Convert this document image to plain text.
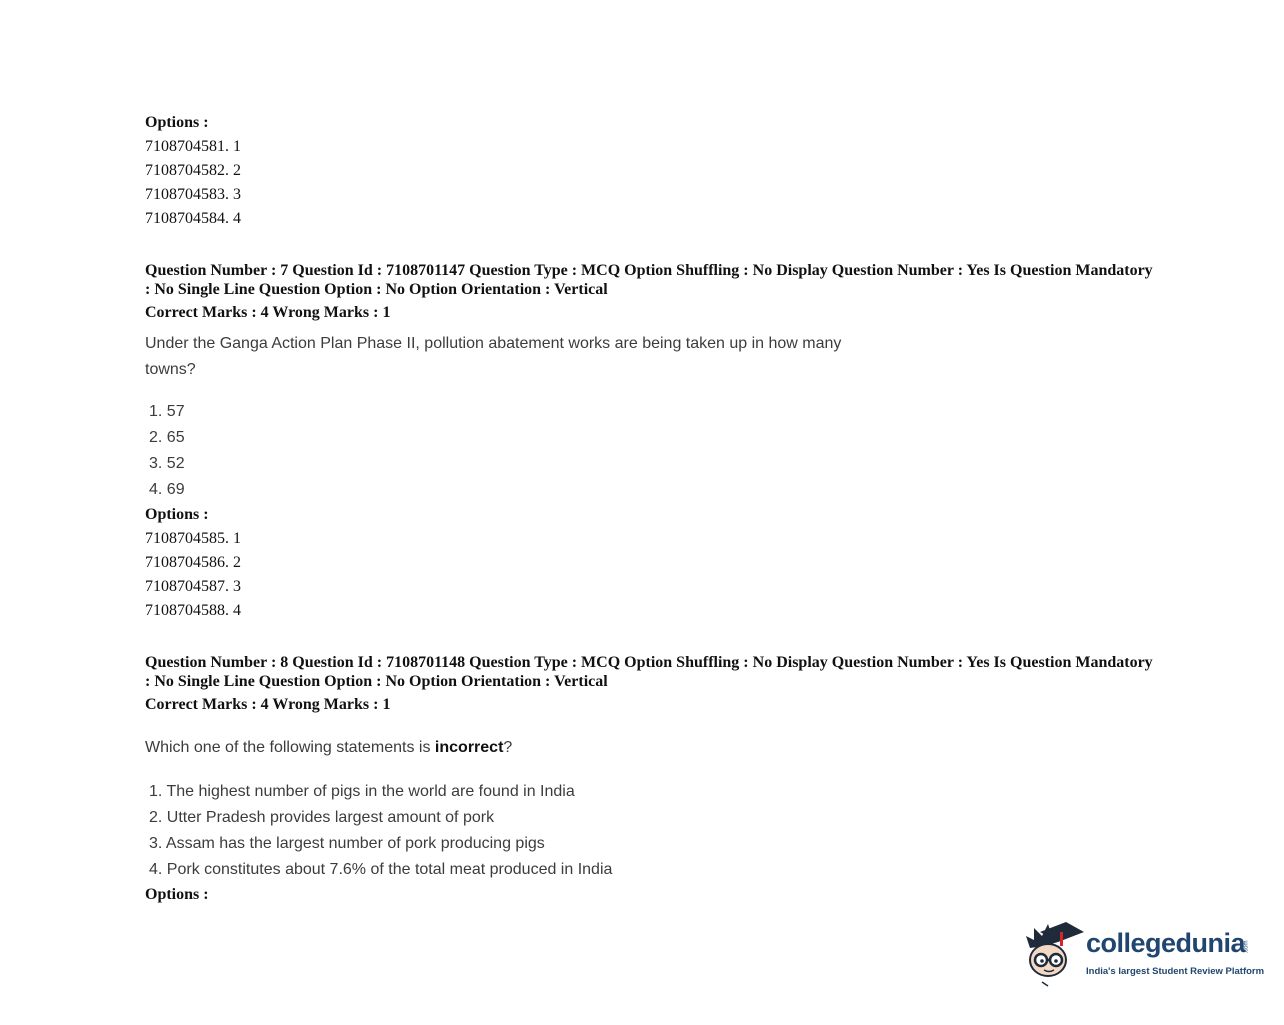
Options :
7108704581. 1
7108704582. 2
7108704583. 3
7108704584. 4
Question Number : 7 Question Id : 7108701147 Question Type : MCQ Option Shuffling : No Display Question Number : Yes Is Question Mandatory : No Single Line Question Option : No Option Orientation : Vertical
Correct Marks : 4 Wrong Marks : 1
Under the Ganga Action Plan Phase II, pollution abatement works are being taken up in how many towns?
1. 57
2. 65
3. 52
4. 69
Options :
7108704585. 1
7108704586. 2
7108704587. 3
7108704588. 4
Question Number : 8 Question Id : 7108701148 Question Type : MCQ Option Shuffling : No Display Question Number : Yes Is Question Mandatory : No Single Line Question Option : No Option Orientation : Vertical
Correct Marks : 4 Wrong Marks : 1
Which one of the following statements is incorrect?
1. The highest number of pigs in the world are found in India
2. Utter Pradesh provides largest amount of pork
3. Assam has the largest number of pork producing pigs
4. Pork constitutes about 7.6% of the total meat produced in India
Options :
collegedunia
.com
India's largest Student Review Platform
